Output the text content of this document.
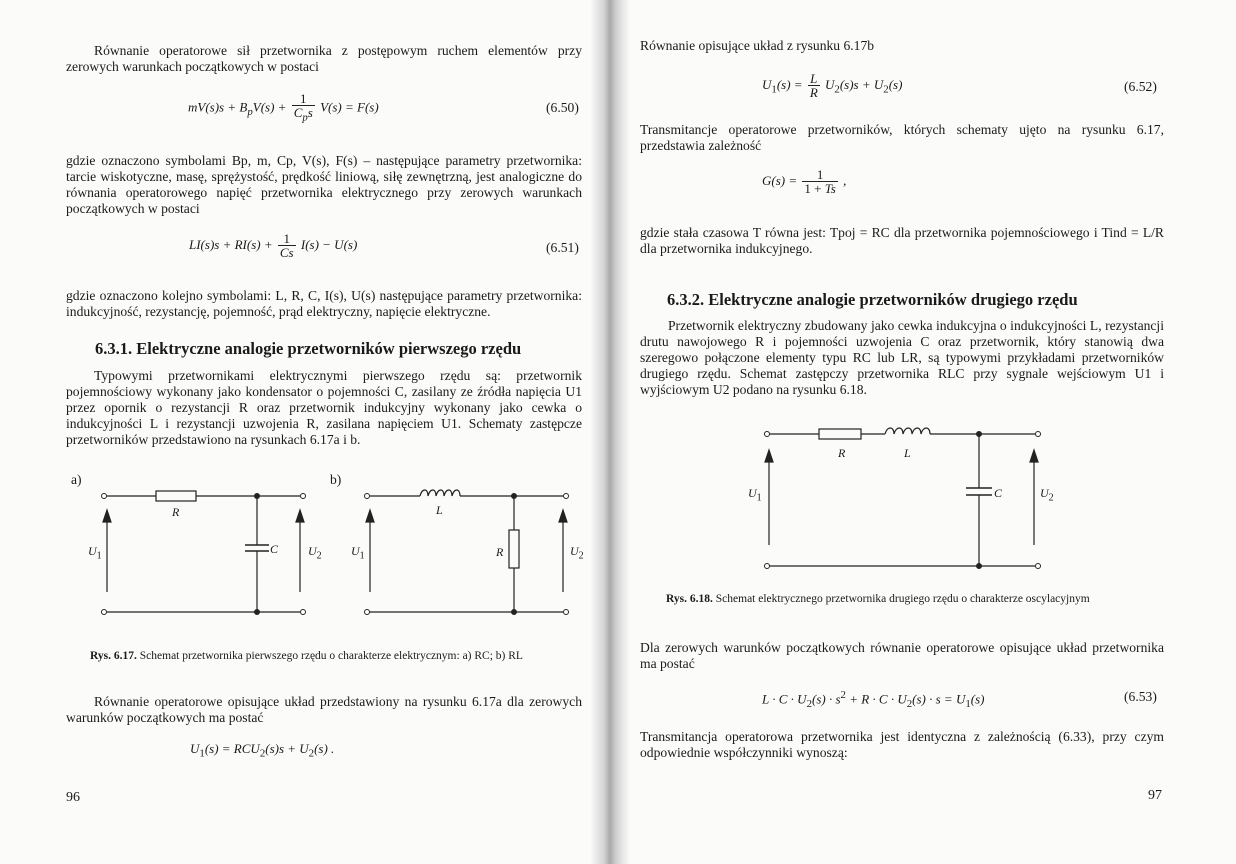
Równanie operatorowe sił przetwornika z postępowym ruchem elementów przy zerowych warunkach początkowych w postaci
$mV(s)s + B_pV(s) + \frac{1}{C_ps} V(s) = F(s)$	(6.50)
gdzie oznaczono symbolami Bp, m, Cp, V(s), F(s) – następujące parametry przetwornika: tarcie wiskotyczne, masę, sprężystość, prędkość liniową, siłę zewnętrzną, jest analogiczne do równania operatorowego napięć przetwornika elektrycznego przy zerowych warunkach początkowych w postaci
$LI(s)s + RI(s) + \frac{1}{Cs} I(s) - U(s)$	(6.51)
gdzie oznaczono kolejno symbolami: L, R, C, I(s), U(s) następujące parametry przetwornika: indukcyjność, rezystancję, pojemność, prąd elektryczny, napięcie elektryczne.
6.3.1. Elektryczne analogie przetworników pierwszego rzędu
Typowymi przetwornikami elektrycznymi pierwszego rzędu są: przetwornik pojemnościowy wykonany jako kondensator o pojemności C, zasilany ze źródła napięcia U1 przez opornik o rezystancji R oraz przetwornik indukcyjny wykonany jako cewka o indukcyjności L i rezystancji uzwojenia R, zasilana napięciem U1. Schematy zastępcze przetworników przedstawiono na rysunkach 6.17a i b.
a)	b)
R
C
$U_1$	$U_2$
L
R
$U_1$	$U_2$
Rys. 6.17. Schemat przetwornika pierwszego rzędu o charakterze elektrycznym: a) RC; b) RL
Równanie operatorowe opisujące układ przedstawiony na rysunku 6.17a dla zerowych warunków początkowych ma postać
$U_1(s) = RCU_2(s)s + U_2(s)$ .
96
Równanie opisujące układ z rysunku 6.17b
$U_1(s) = \frac{L}{R} U_2(s)s + U_2(s)$	(6.52)
Transmitancje operatorowe przetworników, których schematy ujęto na rysunku 6.17, przedstawia zależność
$G(s) = \frac{1}{1 + Ts}$ ,
gdzie stała czasowa T równa jest: Tpoj = RC dla przetwornika pojemnościowego i Tind = L/R dla przetwornika indukcyjnego.
6.3.2. Elektryczne analogie przetworników drugiego rzędu
Przetwornik elektryczny zbudowany jako cewka indukcyjna o indukcyjności L, rezystancji drutu nawojowego R i pojemności uzwojenia C oraz przetwornik, który stanowią dwa szeregowo połączone elementy typu RC lub LR, są typowymi przykładami przetworników drugiego rzędu. Schemat zastępczy przetwornika RLC przy sygnale wejściowym U1 i wyjściowym U2 podano na rysunku 6.18.
R	L
C
$U_1$	$U_2$
Rys. 6.18. Schemat elektrycznego przetwornika drugiego rzędu o charakterze oscylacyjnym
Dla zerowych warunków początkowych równanie operatorowe opisujące układ przetwornika ma postać
$L \cdot C \cdot U_2(s) \cdot s^2 + R \cdot C \cdot U_2(s) \cdot s = U_1(s)$	(6.53)
Transmitancja operatorowa przetwornika jest identyczna z zależnością (6.33), przy czym odpowiednie współczynniki wynoszą:
97
